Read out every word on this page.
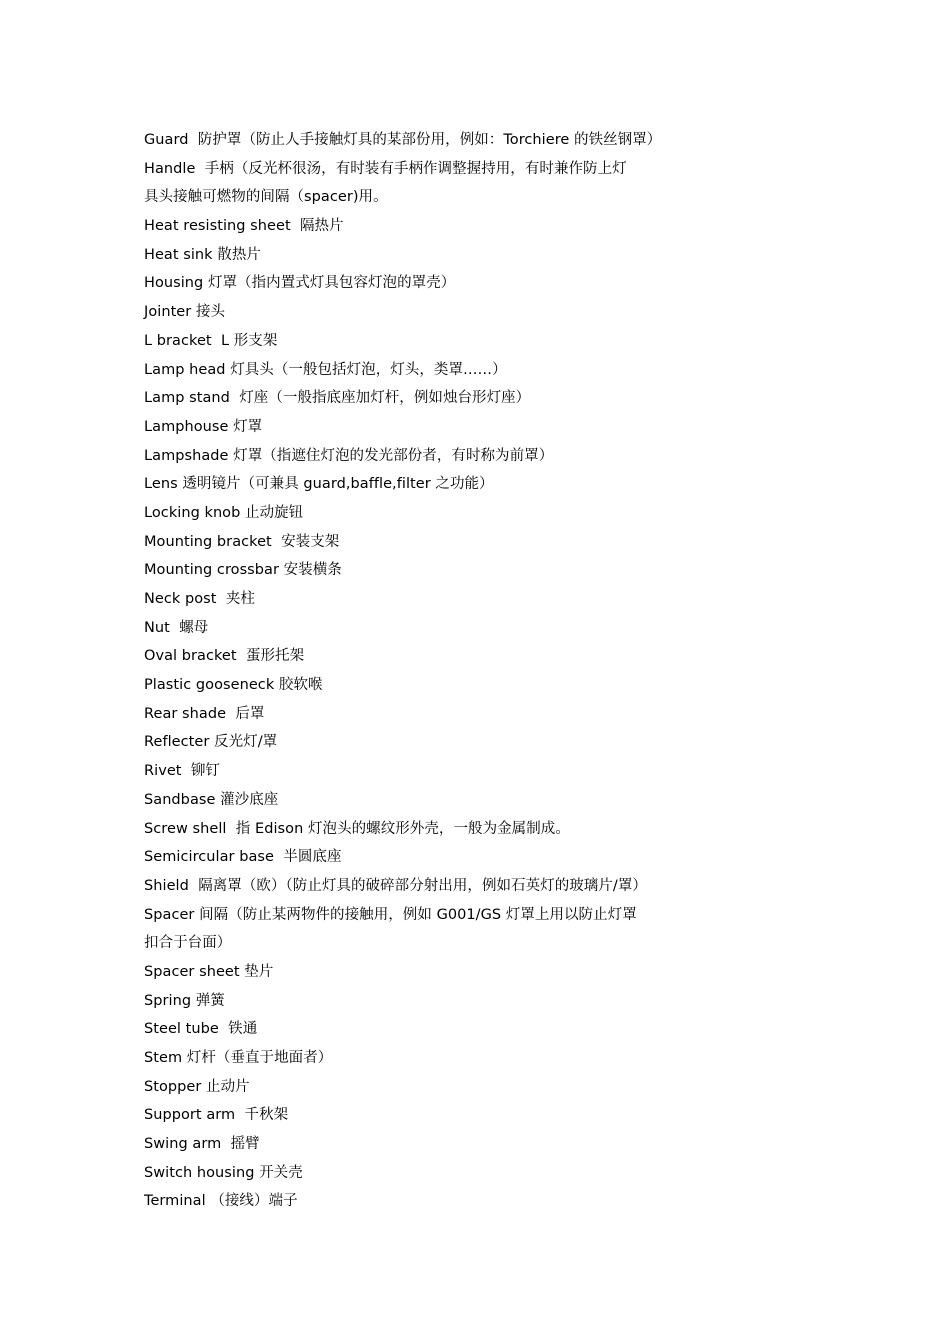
Guard  防护罩（防止人手接触灯具的某部份用，例如：Torchiere 的铁丝钢罩）
Handle  手柄（反光杯很汤，有时装有手柄作调整握持用，有时兼作防上灯
具头接触可燃物的间隔（spacer)用。
Heat resisting sheet  隔热片
Heat sink 散热片
Housing 灯罩（指内置式灯具包容灯泡的罩壳）
Jointer 接头
L bracket  L 形支架
Lamp head 灯具头（一般包括灯泡，灯头，类罩……）
Lamp stand  灯座（一般指底座加灯杆，例如烛台形灯座）
Lamphouse 灯罩
Lampshade 灯罩（指遮住灯泡的发光部份者，有时称为前罩）
Lens 透明镜片（可兼具 guard,baffle,filter 之功能）
Locking knob 止动旋钮
Mounting bracket  安装支架
Mounting crossbar 安装横条
Neck post  夹柱
Nut  螺母
Oval bracket  蛋形托架
Plastic gooseneck 胶软喉
Rear shade  后罩
Reflecter 反光灯/罩
Rivet  铆钉
Sandbase 灌沙底座
Screw shell  指 Edison 灯泡头的螺纹形外壳，一般为金属制成。
Semicircular base  半圆底座
Shield  隔离罩（欧）（防止灯具的破碎部分射出用，例如石英灯的玻璃片/罩）
Spacer 间隔（防止某两物件的接触用，例如 G001/GS 灯罩上用以防止灯罩
扣合于台面）
Spacer sheet 垫片
Spring 弹簧
Steel tube  铁通
Stem 灯杆（垂直于地面者）
Stopper 止动片
Support arm  千秋架
Swing arm  摇臂
Switch housing 开关壳
Terminal （接线）端子
